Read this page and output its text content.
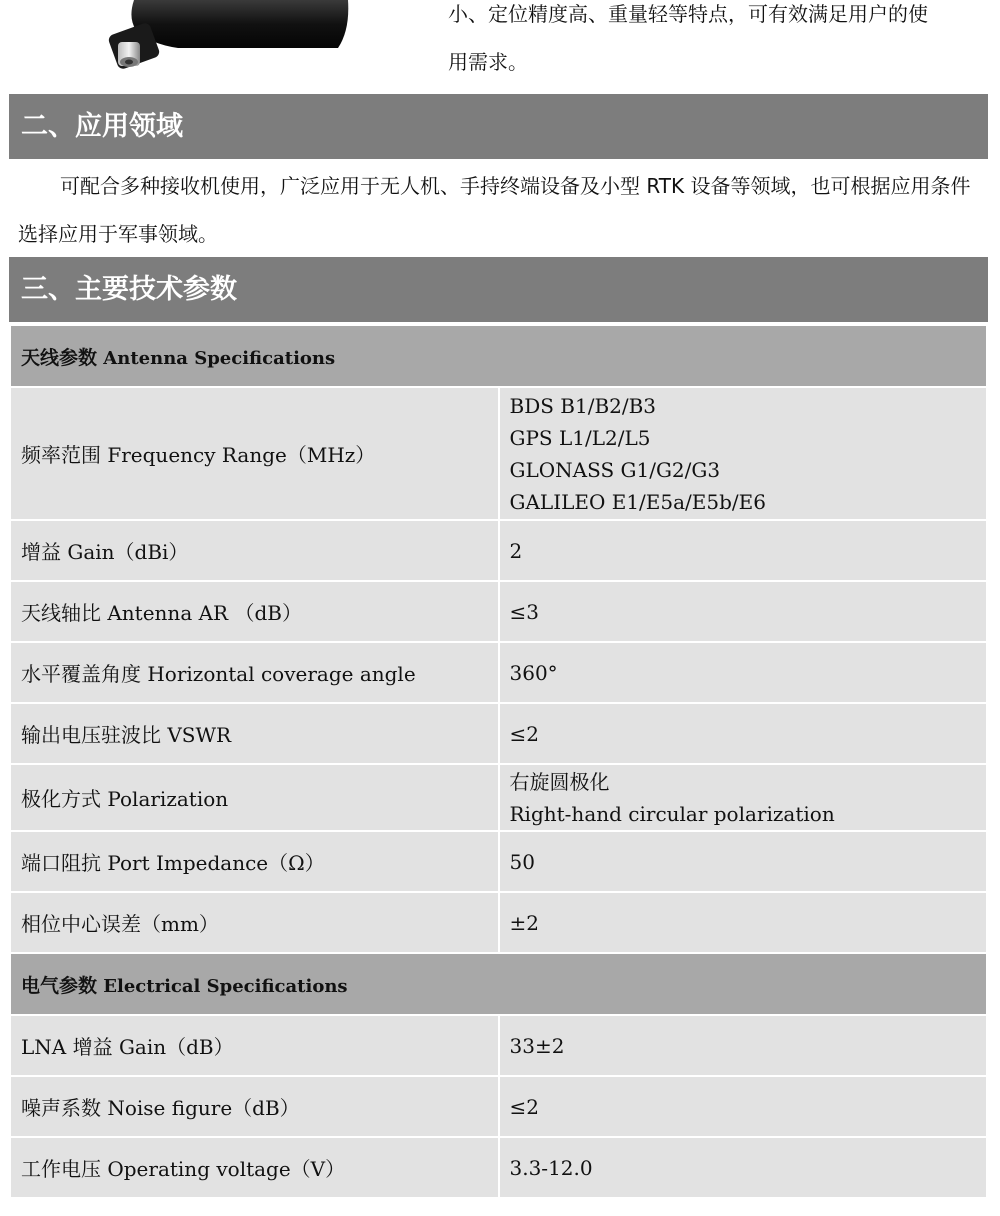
小、定位精度高、重量轻等特点，可有效满足用户的使
用需求。
二、应用领域
可配合多种接收机使用，广泛应用于无人机、手持终端设备及小型 RTK 设备等领域，也可根据应用条件选择应用于军事领域。
三、主要技术参数
天线参数 Antenna Specifications	
频率范围 Frequency Range（MHz）	BDS B1/B2/B3
GPS L1/L2/L5
GLONASS G1/G2/G3
GALILEO E1/E5a/E5b/E6
增益 Gain（dBi）	2
天线轴比 Antenna AR （dB）	≤3
水平覆盖角度 Horizontal coverage angle	360°
输出电压驻波比 VSWR	≤2
极化方式 Polarization	右旋圆极化
Right-hand circular polarization
端口阻抗 Port Impedance（Ω）	50
相位中心误差（mm）	±2
电气参数 Electrical Specifications	
LNA 增益 Gain（dB）	33±2
噪声系数 Noise figure（dB）	≤2
工作电压 Operating voltage（V）	3.3-12.0
